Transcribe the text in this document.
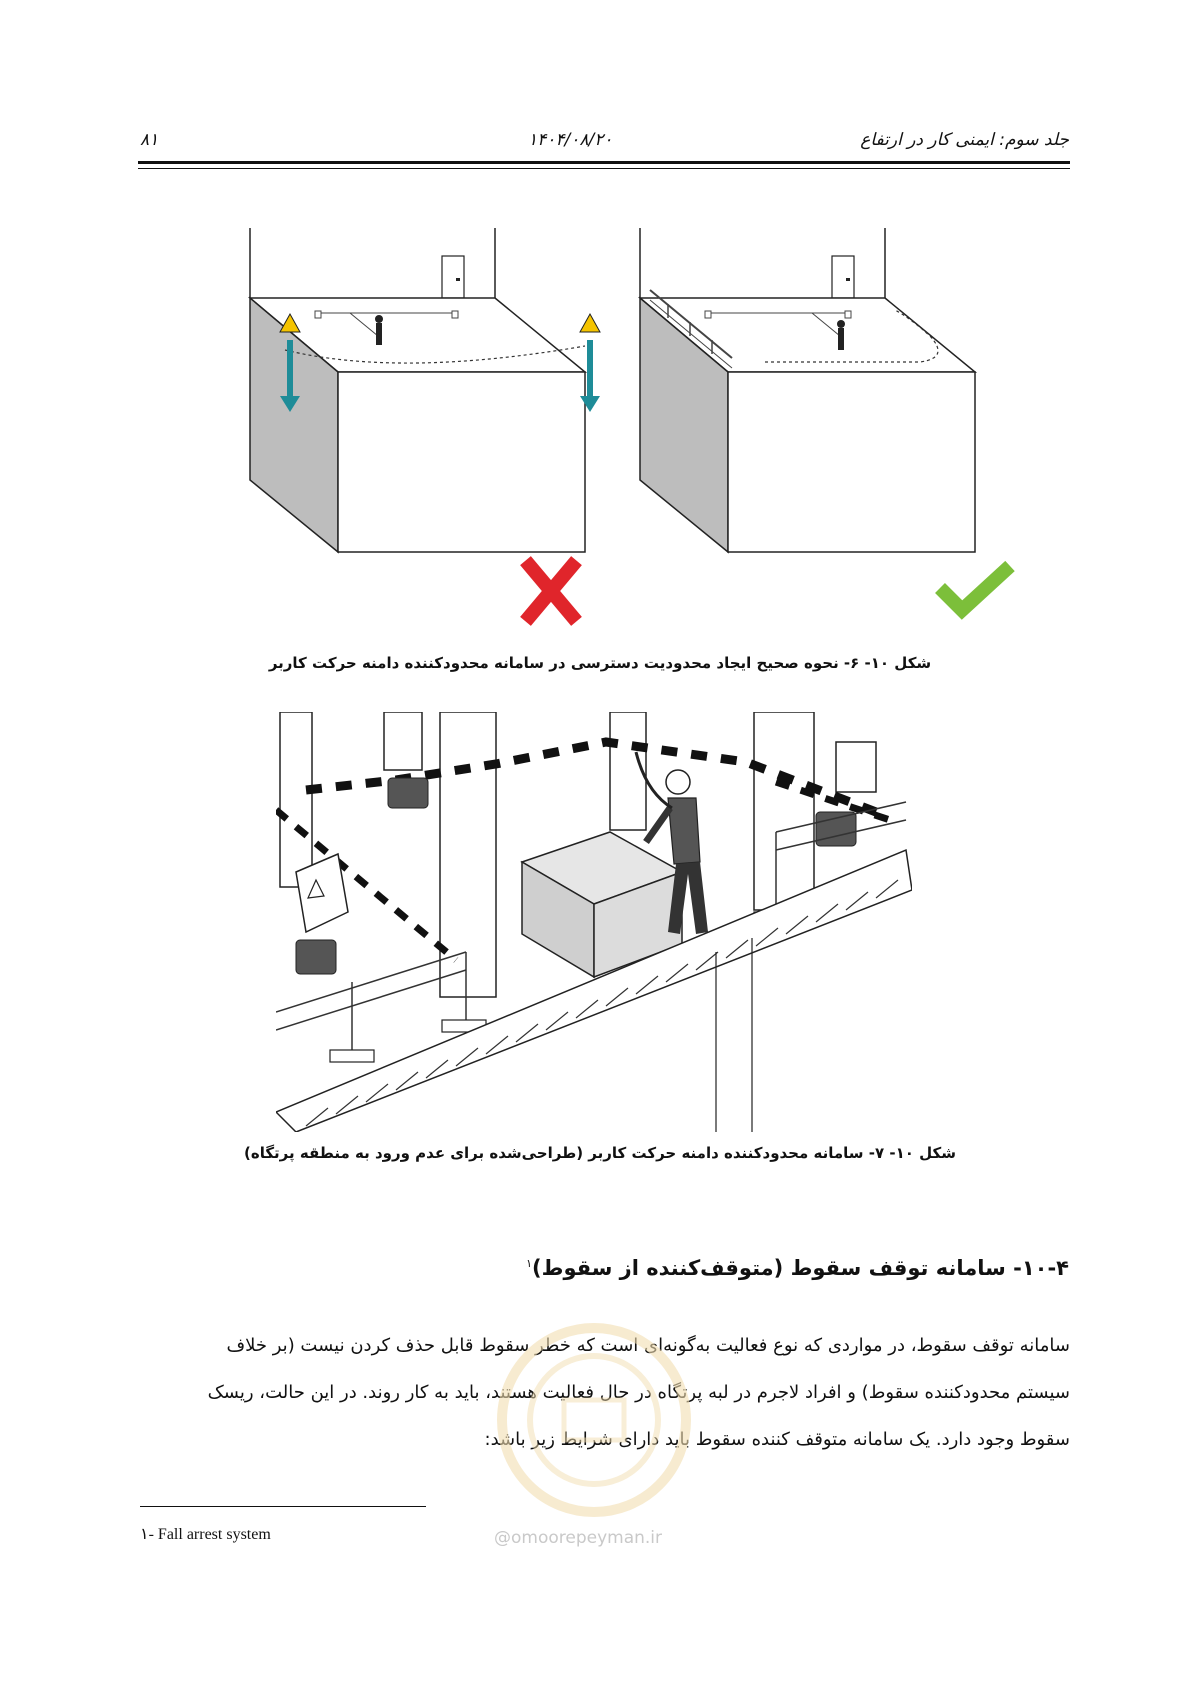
۸۱	۱۴۰۴/۰۸/۲۰	جلد سوم: ایمنی کار در ارتفاع
شکل ۱۰- ۶- نحوه صحیح ایجاد محدودیت دسترسی در سامانه محدودکننده دامنه حرکت کاربر
شکل ۱۰- ۷- سامانه محدودکننده دامنه حرکت کاربر (طراحی‌شده برای عدم ورود به منطقه پرتگاه)
۱۰-۴- سامانه توقف سقوط (متوقف‌کننده از سقوط)$^۱$
سامانه توقف سقوط، در مواردی که نوع فعالیت به‌گونه‌ای است که خطر سقوط قابل حذف کردن نیست (بر خلاف
سیستم محدودکننده سقوط) و افراد لاجرم در لبه پرتگاه در حال فعالیت هستند، باید به کار روند. در این حالت، ریسک
سقوط وجود دارد. یک سامانه متوقف کننده سقوط باید دارای شرایط زیر باشد:
@omoorepeyman.ir
۱- Fall arrest system
